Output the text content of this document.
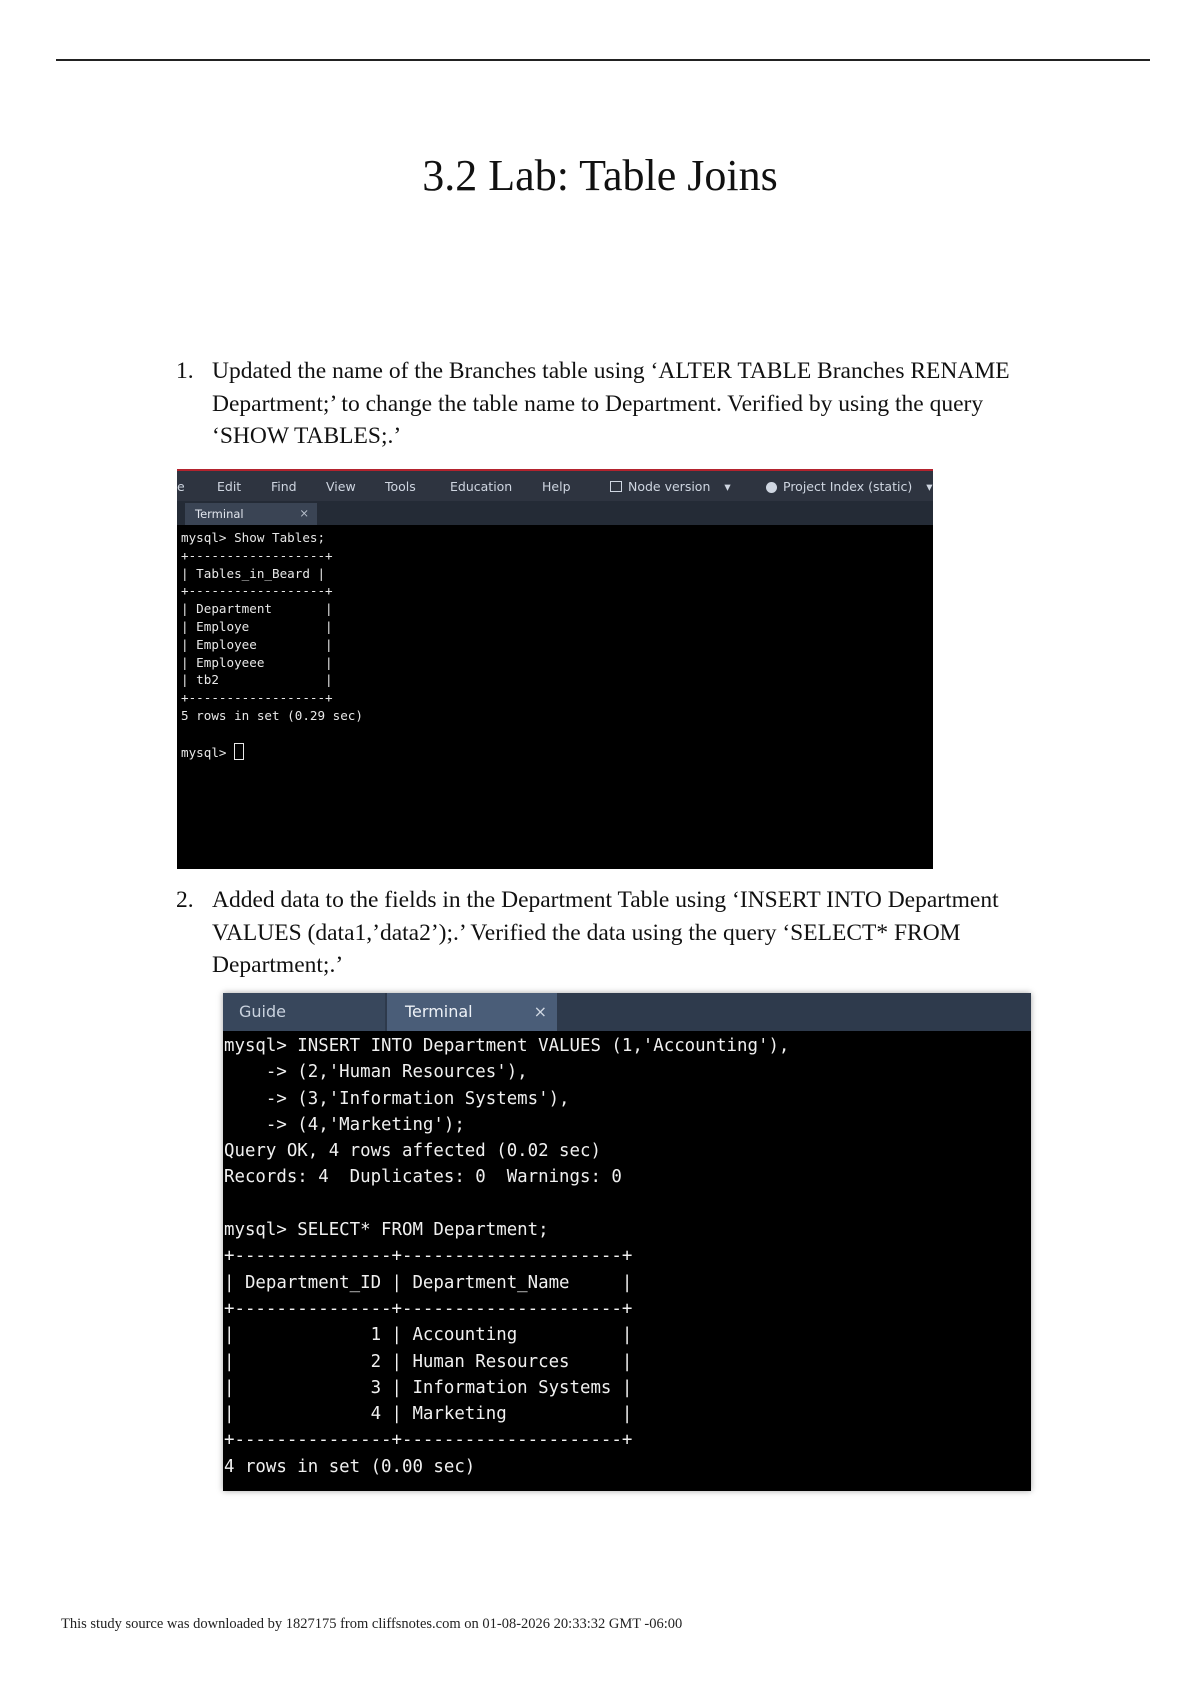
3.2 Lab: Table Joins
1. Updated the name of the Branches table using ‘ALTER TABLE Branches RENAME
Department;’ to change the table name to Department. Verified by using the query
‘SHOW TABLES;.’
e	Edit Find View Tools	Education Help	Node version ▾	Project Index (static) ▾
Terminal	×
mysql> Show Tables;
+------------------+
| Tables_in_Beard |
+------------------+
| Department       |
| Employe          |
| Employee         |
| Employeee        |
| tb2              |
+------------------+
5 rows in set (0.29 sec)

mysql>
2. Added data to the fields in the Department Table using ‘INSERT INTO Department
VALUES (data1,’data2’);.’ Verified the data using the query ‘SELECT* FROM
Department;.’
Guide	Terminal	×
mysql> INSERT INTO Department VALUES (1,'Accounting'),
-> (2,'Human Resources'),
-> (3,'Information Systems'),
-> (4,'Marketing');
Query OK, 4 rows affected (0.02 sec)
Records: 4  Duplicates: 0  Warnings: 0

mysql> SELECT* FROM Department;
+---------------+---------------------+
| Department_ID | Department_Name     |
+---------------+---------------------+
|             1 | Accounting          |
|             2 | Human Resources     |
|             3 | Information Systems |
|             4 | Marketing           |
+---------------+---------------------+
4 rows in set (0.00 sec)
This study source was downloaded by 1827175 from cliffsnotes.com on 01-08-2026 20:33:32 GMT -06:00
